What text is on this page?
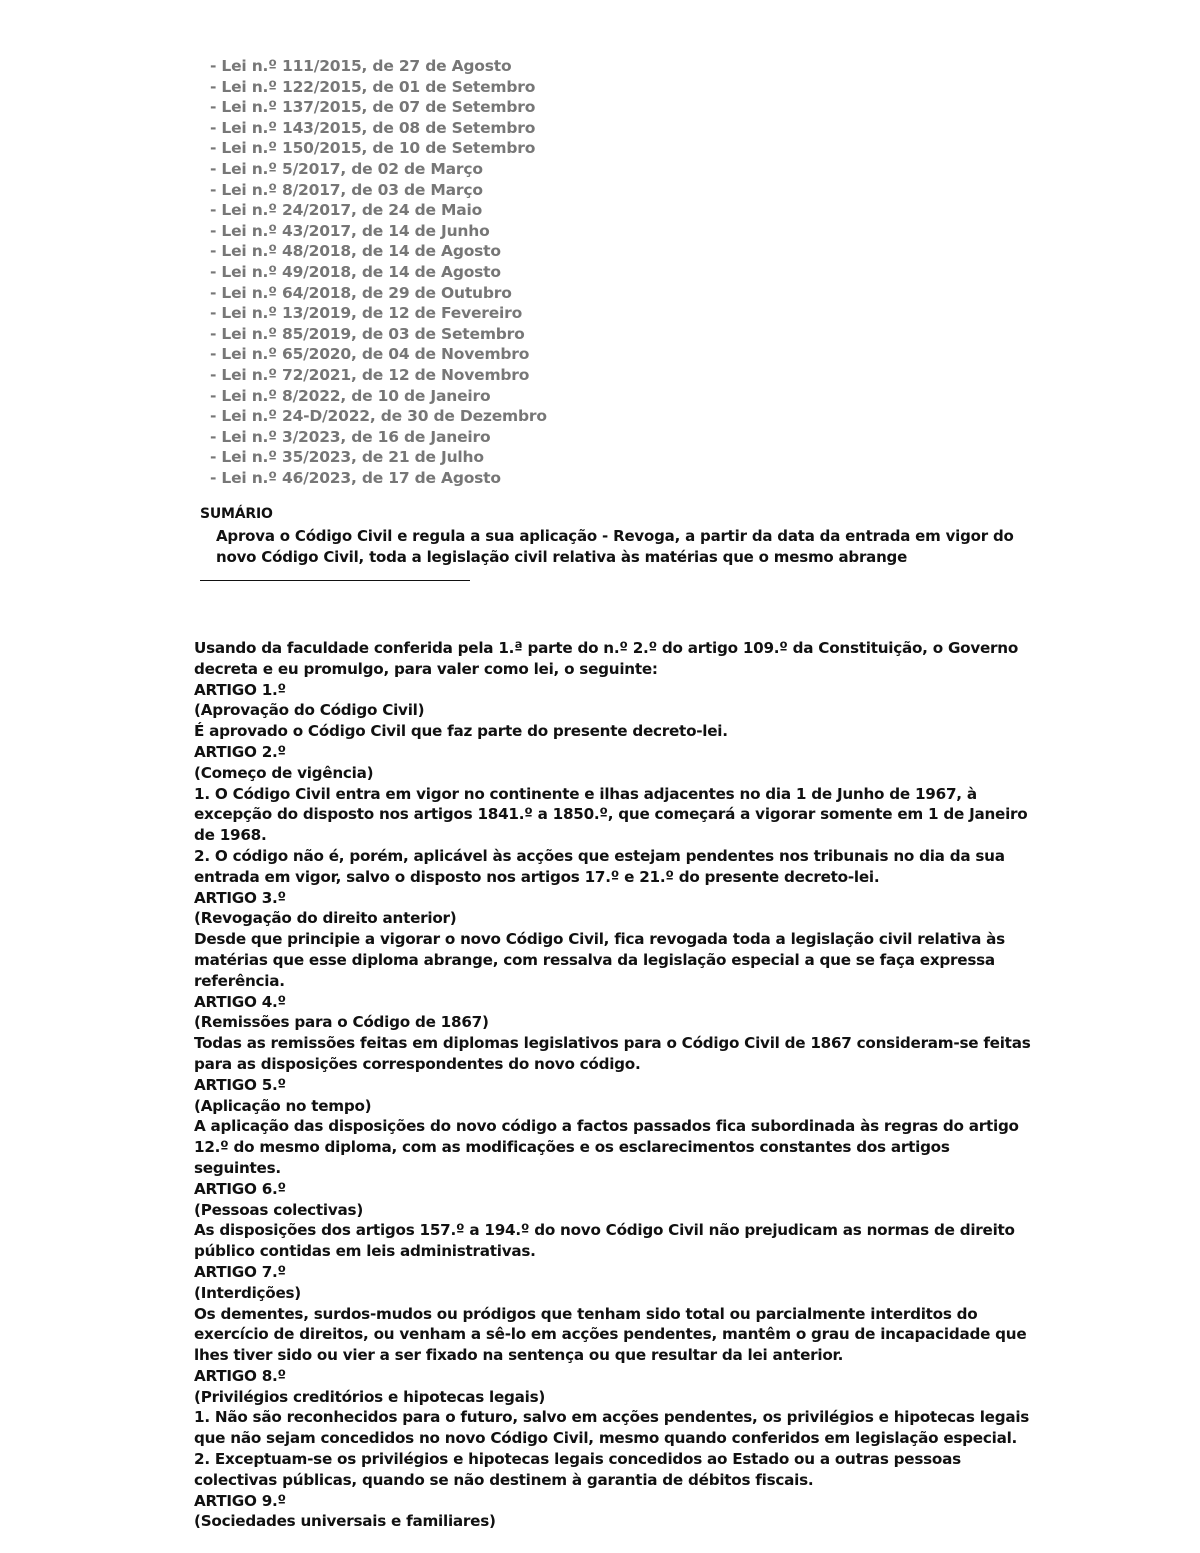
- Lei n.º 111/2015, de 27 de Agosto
- Lei n.º 122/2015, de 01 de Setembro
- Lei n.º 137/2015, de 07 de Setembro
- Lei n.º 143/2015, de 08 de Setembro
- Lei n.º 150/2015, de 10 de Setembro
- Lei n.º 5/2017, de 02 de Março
- Lei n.º 8/2017, de 03 de Março
- Lei n.º 24/2017, de 24 de Maio
- Lei n.º 43/2017, de 14 de Junho
- Lei n.º 48/2018, de 14 de Agosto
- Lei n.º 49/2018, de 14 de Agosto
- Lei n.º 64/2018, de 29 de Outubro
- Lei n.º 13/2019, de 12 de Fevereiro
- Lei n.º 85/2019, de 03 de Setembro
- Lei n.º 65/2020, de 04 de Novembro
- Lei n.º 72/2021, de 12 de Novembro
- Lei n.º 8/2022, de 10 de Janeiro
- Lei n.º 24-D/2022, de 30 de Dezembro
- Lei n.º 3/2023, de 16 de Janeiro
- Lei n.º 35/2023, de 21 de Julho
- Lei n.º 46/2023, de 17 de Agosto
SUMÁRIO
Aprova o Código Civil e regula a sua aplicação - Revoga, a partir da data da entrada em vigor do novo Código Civil, toda a legislação civil relativa às matérias que o mesmo abrange

Usando da faculdade conferida pela 1.ª parte do n.º 2.º do artigo 109.º da Constituição, o Governo decreta e eu promulgo, para valer como lei, o seguinte:

ARTIGO 1.º

(Aprovação do Código Civil)

É aprovado o Código Civil que faz parte do presente decreto-lei.

ARTIGO 2.º

(Começo de vigência)

1. O Código Civil entra em vigor no continente e ilhas adjacentes no dia 1 de Junho de 1967, à excepção do disposto nos artigos 1841.º a 1850.º, que começará a vigorar somente em 1 de Janeiro de 1968.

2. O código não é, porém, aplicável às acções que estejam pendentes nos tribunais no dia da sua entrada em vigor, salvo o disposto nos artigos 17.º e 21.º do presente decreto-lei.

ARTIGO 3.º

(Revogação do direito anterior)

Desde que principie a vigorar o novo Código Civil, fica revogada toda a legislação civil relativa às matérias que esse diploma abrange, com ressalva da legislação especial a que se faça expressa referência.

ARTIGO 4.º

(Remissões para o Código de 1867)

Todas as remissões feitas em diplomas legislativos para o Código Civil de 1867 consideram-se feitas para as disposições correspondentes do novo código.

ARTIGO 5.º

(Aplicação no tempo)

A aplicação das disposições do novo código a factos passados fica subordinada às regras do artigo 12.º do mesmo diploma, com as modificações e os esclarecimentos constantes dos artigos seguintes.

ARTIGO 6.º

(Pessoas colectivas)

As disposições dos artigos 157.º a 194.º do novo Código Civil não prejudicam as normas de direito público contidas em leis administrativas.

ARTIGO 7.º

(Interdições)

Os dementes, surdos-mudos ou pródigos que tenham sido total ou parcialmente interditos do exercício de direitos, ou venham a sê-lo em acções pendentes, mantêm o grau de incapacidade que lhes tiver sido ou vier a ser fixado na sentença ou que resultar da lei anterior.

ARTIGO 8.º

(Privilégios creditórios e hipotecas legais)

1. Não são reconhecidos para o futuro, salvo em acções pendentes, os privilégios e hipotecas legais que não sejam concedidos no novo Código Civil, mesmo quando conferidos em legislação especial.

2. Exceptuam-se os privilégios e hipotecas legais concedidos ao Estado ou a outras pessoas colectivas públicas, quando se não destinem à garantia de débitos fiscais.

ARTIGO 9.º

(Sociedades universais e familiares)
